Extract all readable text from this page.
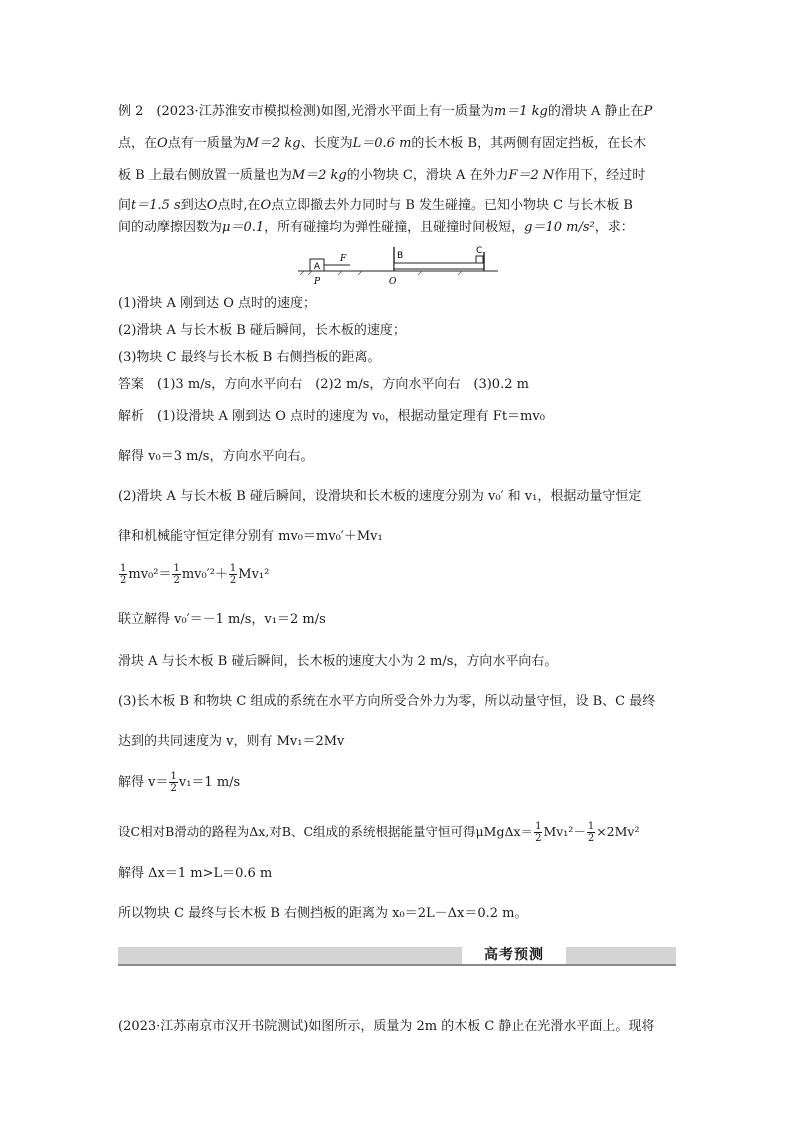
例 2　(2023·江苏淮安市模拟检测)如图,光滑水平面上有一质量为m＝1 kg的滑块 A 静止在P
点，在O点有一质量为M＝2 kg、长度为L＝0.6 m的长木板 B，其两侧有固定挡板，在长木
板 B 上最右侧放置一质量也为M＝2 kg的小物块 C，滑块 A 在外力F＝2 N作用下，经过时
间t＝1.5 s到达O点时,在O点立即撤去外力同时与 B 发生碰撞。已知小物块 C 与长木板 B
间的动摩擦因数为μ＝0.1，所有碰撞均为弹性碰撞，且碰撞时间极短，g＝10 m/s²，求：
A
F
P
B	C
O
(1)滑块 A 刚到达 O 点时的速度；
(2)滑块 A 与长木板 B 碰后瞬间，长木板的速度；
(3)物块 C 最终与长木板 B 右侧挡板的距离。
答案　(1)3 m/s，方向水平向右　(2)2 m/s，方向水平向右　(3)0.2 m
解析　(1)设滑块 A 刚到达 O 点时的速度为 v₀，根据动量定理有 Ft＝mv₀
解得 v₀＝3 m/s，方向水平向右。
(2)滑块 A 与长木板 B 碰后瞬间，设滑块和长木板的速度分别为 v₀′ 和 v₁，根据动量守恒定
律和机械能守恒定律分别有 mv₀＝mv₀′＋Mv₁
$\frac{1}{2} mv_0^2= \frac{1}{2} mv_0'^2+ \frac{1}{2} Mv_1^2$
联立解得 v₀′＝－1 m/s，v₁＝2 m/s
滑块 A 与长木板 B 碰后瞬间，长木板的速度大小为 2 m/s，方向水平向右。
(3)长木板 B 和物块 C 组成的系统在水平方向所受合外力为零，所以动量守恒，设 B、C 最终
达到的共同速度为 v，则有 Mv₁＝2Mv
解得 $v= \frac{1}{2} v_1=1$ m/s
设C相对B滑动的路程为Δx,对B、C组成的系统根据能量守恒可得$\mu Mg\Delta x= \frac{1}{2} Mv_1^2- \frac{1}{2} \times 2Mv^2$
解得 Δx＝1 m>L＝0.6 m
所以物块 C 最终与长木板 B 右侧挡板的距离为 x₀＝2L－Δx＝0.2 m。
高考预测
(2023·江苏南京市汉开书院测试)如图所示，质量为 2m 的木板 C 静止在光滑水平面上。现将
